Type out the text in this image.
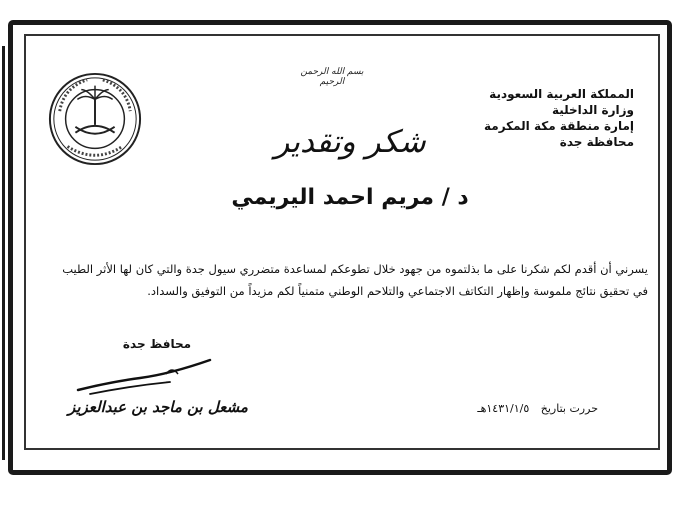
المملكة العربية السعودية
وزارة الداخلية
إمارة منطقة مكة المكرمة
محافظة جدة
بسم الله الرحمن الرحيم
شكر وتقدير
د / مريم احمد اليريمي
يسرني أن أقدم لكم شكرنا على ما بذلتموه من جهود خلال تطوعكم لمساعدة متضرري سيول جدة والتي كان لها الأثر الطيب
في تحقيق نتائج ملموسة وإظهار التكاتف الاجتماعي والتلاحم الوطني متمنياً لكم مزيداً من التوفيق والسداد.
محافظ جدة
مشعل بن ماجد بن عبدالعزيز	حررت بتاريخ ١٤٣١/١/٥هـ
